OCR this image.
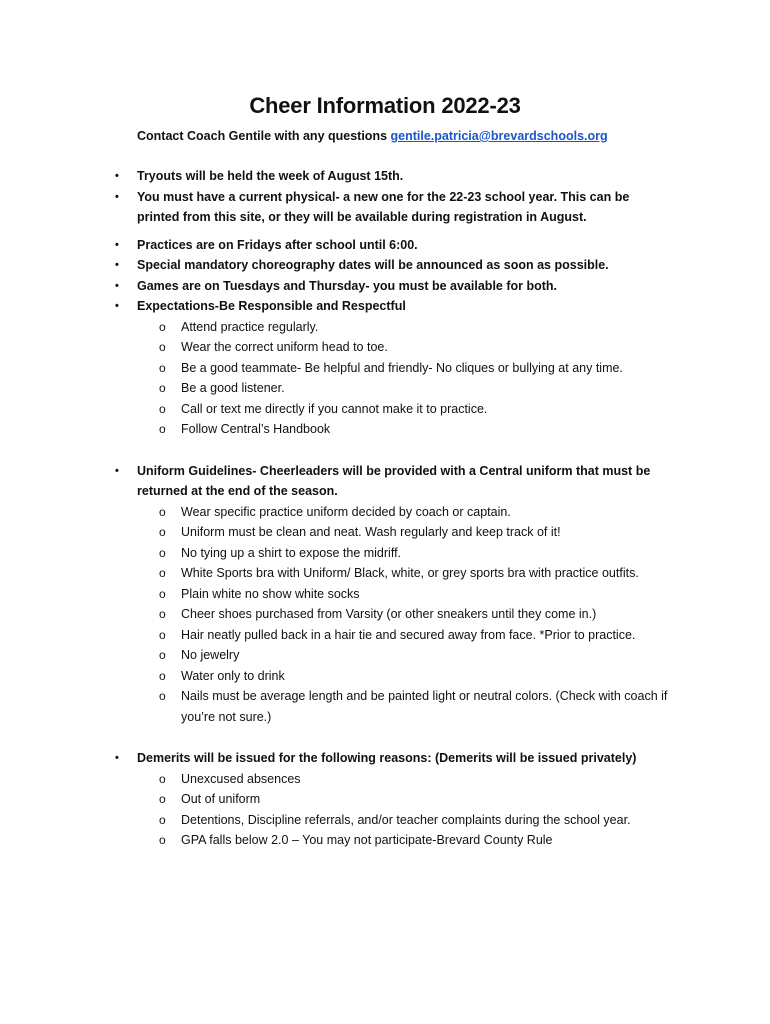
Cheer Information 2022-23
Contact Coach Gentile with any questions gentile.patricia@brevardschools.org
• Tryouts will be held the week of August 15th.
• You must have a current physical- a new one for the 22-23 school year. This can be printed from this site, or they will be available during registration in August.
• Practices are on Fridays after school until 6:00.
• Special mandatory choreography dates will be announced as soon as possible.
• Games are on Tuesdays and Thursday- you must be available for both.
• Expectations-Be Responsible and Respectful
o Attend practice regularly.
o Wear the correct uniform head to toe.
o Be a good teammate- Be helpful and friendly- No cliques or bullying at any time.
o Be a good listener.
o Call or text me directly if you cannot make it to practice.
o Follow Central’s Handbook
• Uniform Guidelines- Cheerleaders will be provided with a Central uniform that must be returned at the end of the season.
o Wear specific practice uniform decided by coach or captain.
o Uniform must be clean and neat. Wash regularly and keep track of it!
o No tying up a shirt to expose the midriff.
o White Sports bra with Uniform/ Black, white, or grey sports bra with practice outfits.
o Plain white no show white socks
o Cheer shoes purchased from Varsity (or other sneakers until they come in.)
o Hair neatly pulled back in a hair tie and secured away from face. *Prior to practice.
o No jewelry
o Water only to drink
o Nails must be average length and be painted light or neutral colors. (Check with coach if you’re not sure.)
• Demerits will be issued for the following reasons: (Demerits will be issued privately)
o Unexcused absences
o Out of uniform
o Detentions, Discipline referrals, and/or teacher complaints during the school year.
o GPA falls below 2.0 – You may not participate-Brevard County Rule
